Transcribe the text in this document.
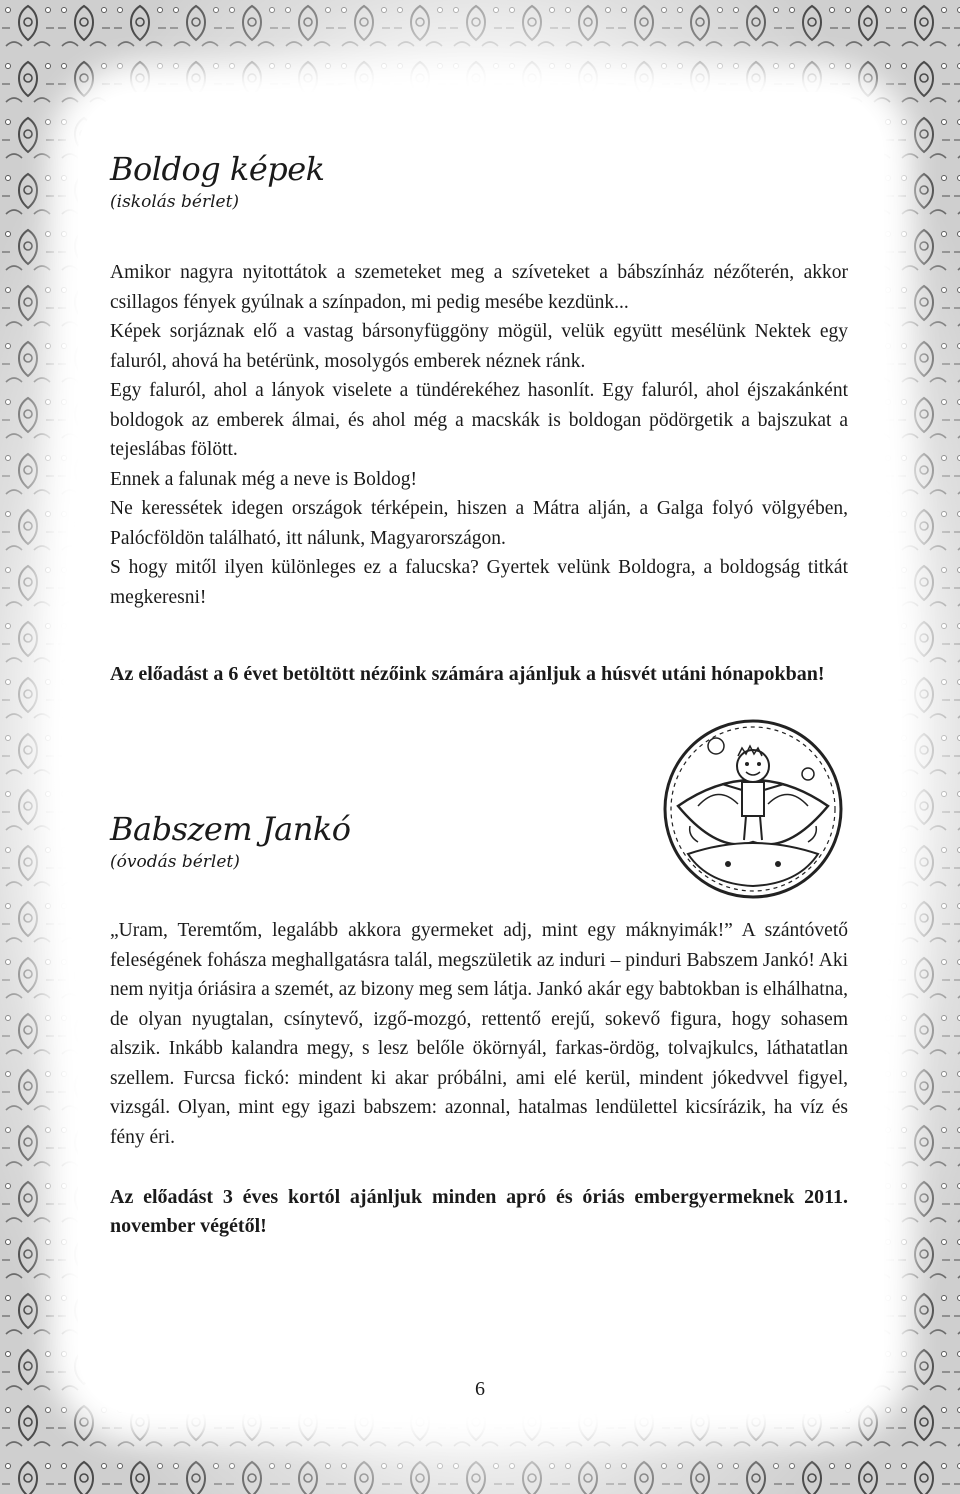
Boldog képek
(iskolás bérlet)

Amikor nagyra nyitottátok a szemeteket meg a szíveteket a bábszínház nézőterén, akkor csillagos fények gyúlnak a színpadon, mi pedig mesébe kezdünk...

Képek sorjáznak elő a vastag bársonyfüggöny mögül, velük együtt mesélünk Nektek egy faluról, ahová ha betérünk, mosolygós emberek néznek ránk.

Egy faluról, ahol a lányok viselete a tündérekéhez hasonlít. Egy faluról, ahol éjszakánként boldogok az emberek álmai, és ahol még a macskák is boldogan pödörgetik a bajszukat a tejeslábas fölött.

Ennek a falunak még a neve is Boldog!

Ne keressétek idegen országok térképein, hiszen a Mátra alján, a Galga folyó völgyében, Palócföldön található, itt nálunk, Magyarországon.

S hogy mitől ilyen különleges ez a falucska? Gyertek velünk Boldogra, a boldogság titkát megkeresni!

Az előadást a 6 évet betöltött nézőink számára ajánljuk a húsvét utáni hónapokban!

Babszem Jankó
(óvodás bérlet)

„Uram, Teremtőm, legalább akkora gyermeket adj, mint egy máknyimák!” A szántóvető feleségének fohásza meghallgatásra talál, megszületik az induri – pinduri Babszem Jankó! Aki nem nyitja óriásira a szemét, az bizony meg sem látja. Jankó akár egy babtokban is elhálhatna, de olyan nyugtalan, csínytevő, izgő-mozgó, rettentő erejű, sokevő figura, hogy sohasem alszik. Inkább kalandra megy, s lesz belőle ökörnyál, farkas-ördög, tolvajkulcs, láthatatlan szellem. Furcsa fickó: mindent ki akar próbálni, ami elé kerül, mindent jókedvvel figyel, vizsgál. Olyan, mint egy igazi babszem: azonnal, hatalmas lendülettel kicsírázik, ha víz és fény éri.

Az előadást 3 éves kortól ajánljuk minden apró és óriás embergyermeknek 2011. november végétől!

6
